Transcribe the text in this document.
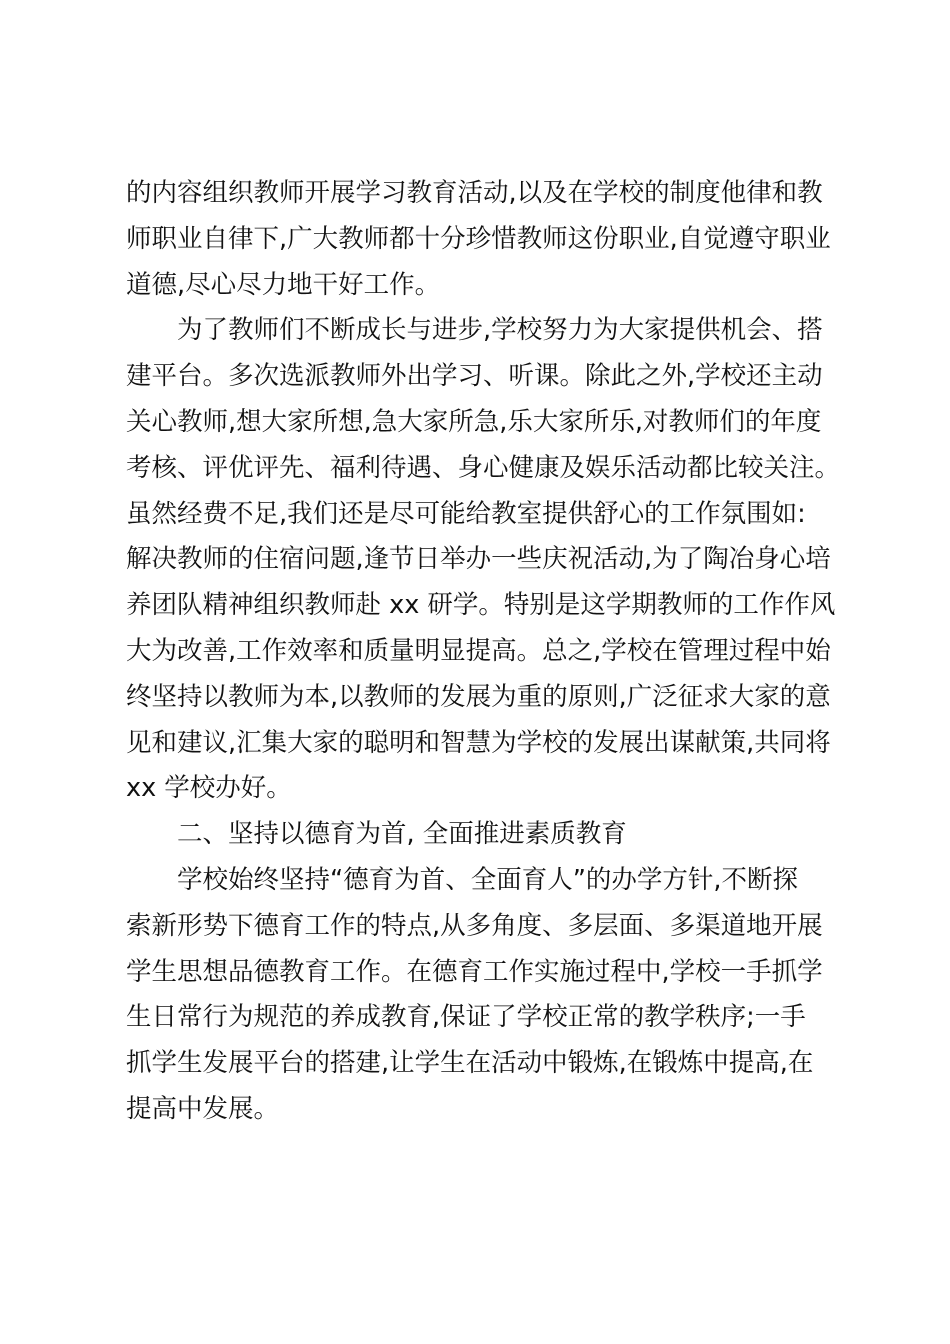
的内容组织教师开展学习教育活动,以及在学校的制度他律和教
师职业自律下,广大教师都十分珍惜教师这份职业,自觉遵守职业
道德,尽心尽力地干好工作。
为了教师们不断成长与进步,学校努力为大家提供机会、搭
建平台。多次选派教师外出学习、听课。除此之外,学校还主动
关心教师,想大家所想,急大家所急,乐大家所乐,对教师们的年度
考核、评优评先、福利待遇、身心健康及娱乐活动都比较关注。
虽然经费不足,我们还是尽可能给教室提供舒心的工作氛围如:
解决教师的住宿问题,逢节日举办一些庆祝活动,为了陶冶身心培
养团队精神组织教师赴 xx 研学。特别是这学期教师的工作作风
大为改善,工作效率和质量明显提高。总之,学校在管理过程中始
终坚持以教师为本,以教师的发展为重的原则,广泛征求大家的意
见和建议,汇集大家的聪明和智慧为学校的发展出谋献策,共同将
xx 学校办好。
二、坚持以德育为首, 全面推进素质教育
学校始终坚持“德育为首、全面育人”的办学方针,不断探
索新形势下德育工作的特点,从多角度、多层面、多渠道地开展
学生思想品德教育工作。在德育工作实施过程中,学校一手抓学
生日常行为规范的养成教育,保证了学校正常的教学秩序;一手
抓学生发展平台的搭建,让学生在活动中锻炼,在锻炼中提高,在
提高中发展。
